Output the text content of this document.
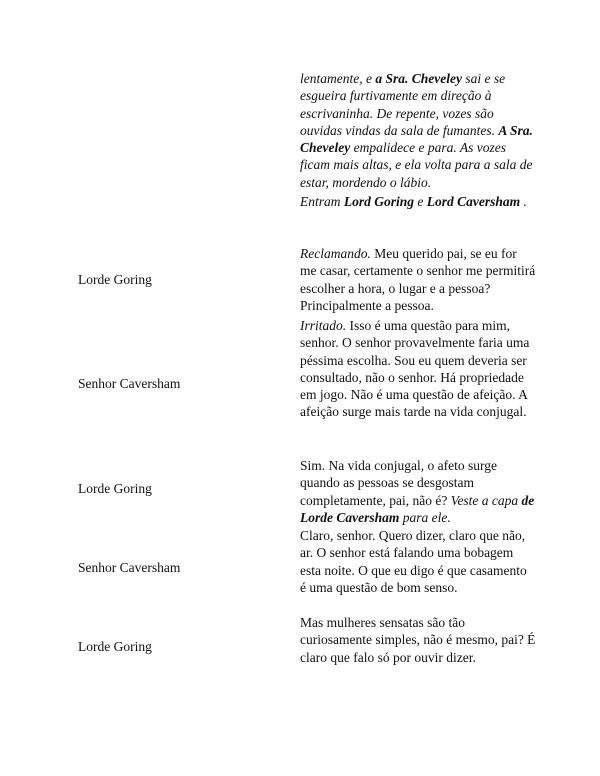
lentamente, e a Sra. Cheveley sai e se esgueira furtivamente em direção à escrivaninha. De repente, vozes são ouvidas vindas da sala de fumantes. A Sra. Cheveley empalidece e para. As vozes ficam mais altas, e ela volta para a sala de estar, mordendo o lábio.
Entram Lord Goring e Lord Caversham .
Lorde Goring
Reclamando. Meu querido pai, se eu for me casar, certamente o senhor me permitirá escolher a hora, o lugar e a pessoa? Principalmente a pessoa.
Senhor Caversham
Irritado. Isso é uma questão para mim, senhor. O senhor provavelmente faria uma péssima escolha. Sou eu quem deveria ser consultado, não o senhor. Há propriedade em jogo. Não é uma questão de afeição. A afeição surge mais tarde na vida conjugal.
Lorde Goring
Sim. Na vida conjugal, o afeto surge quando as pessoas se desgostam completamente, pai, não é? Veste a capa de Lorde Caversham para ele.
Senhor Caversham
Claro, senhor. Quero dizer, claro que não, ar. O senhor está falando uma bobagem esta noite. O que eu digo é que casamento é uma questão de bom senso.
Lorde Goring
Mas mulheres sensatas são tão curiosamente simples, não é mesmo, pai? É claro que falo só por ouvir dizer.
